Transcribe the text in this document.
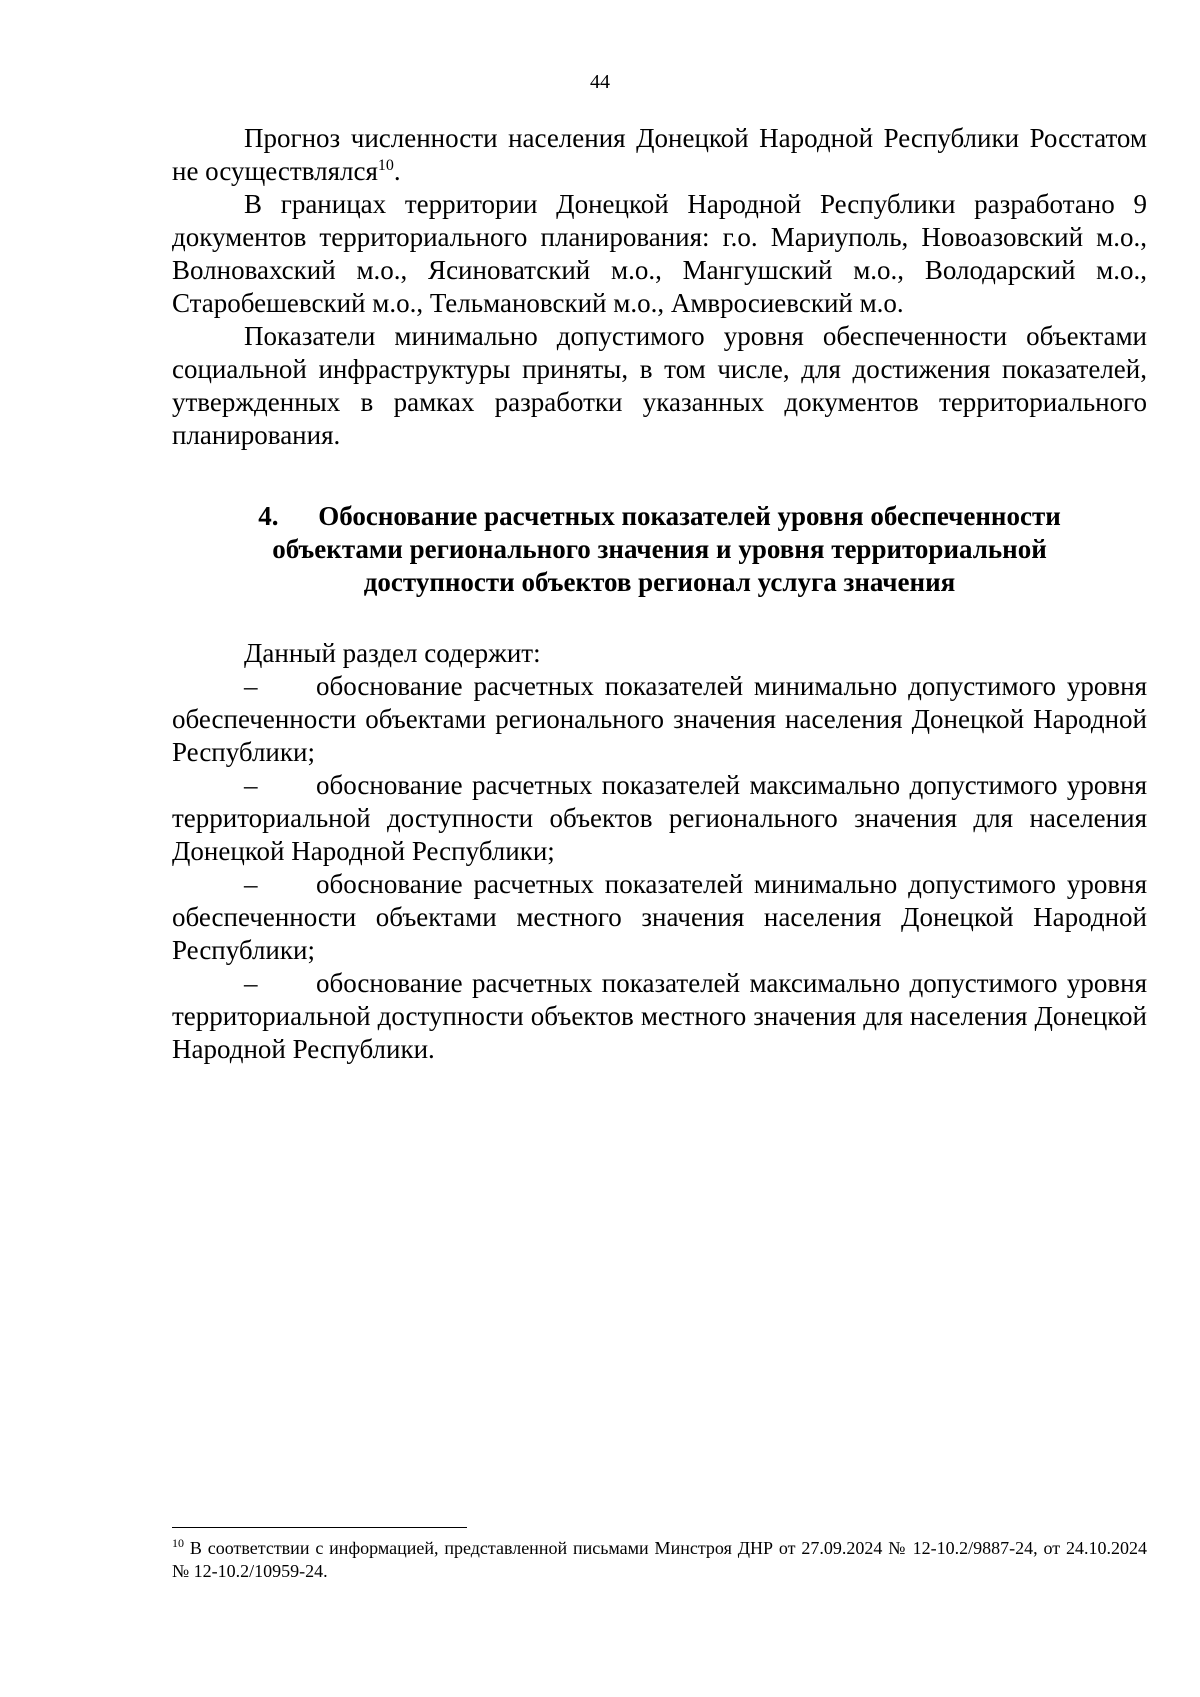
44

Прогноз численности населения Донецкой Народной Республики Росстатом не осуществлялся$^{10}$.

В границах территории Донецкой Народной Республики разработано 9 документов территориального планирования: г.о. Мариуполь, Новоазовский м.о., Волновахский м.о., Ясиноватский м.о., Мангушский м.о., Володарский м.о., Старобешевский м.о., Тельмановский м.о., Амвросиевский м.о.

Показатели минимально допустимого уровня обеспеченности объектами социальной инфраструктуры приняты, в том числе, для достижения показателей, утвержденных в рамках разработки указанных документов территориального планирования.

4. Обоснование расчетных показателей уровня обеспеченности объектами регионального значения и уровня территориальной доступности объектов регионал услуга значения

Данный раздел содержит:

– обоснование расчетных показателей минимально допустимого уровня обеспеченности объектами регионального значения населения Донецкой Народной Республики;
– обоснование расчетных показателей максимально допустимого уровня территориальной доступности объектов регионального значения для населения Донецкой Народной Республики;
– обоснование расчетных показателей минимально допустимого уровня обеспеченности объектами местного значения населения Донецкой Народной Республики;
– обоснование расчетных показателей максимально допустимого уровня территориальной доступности объектов местного значения для населения Донецкой Народной Республики.
$^{10}$ В соответствии с информацией, представленной письмами Минстроя ДНР от 27.09.2024 № 12-10.2/9887-24, от 24.10.2024 № 12-10.2/10959-24.
